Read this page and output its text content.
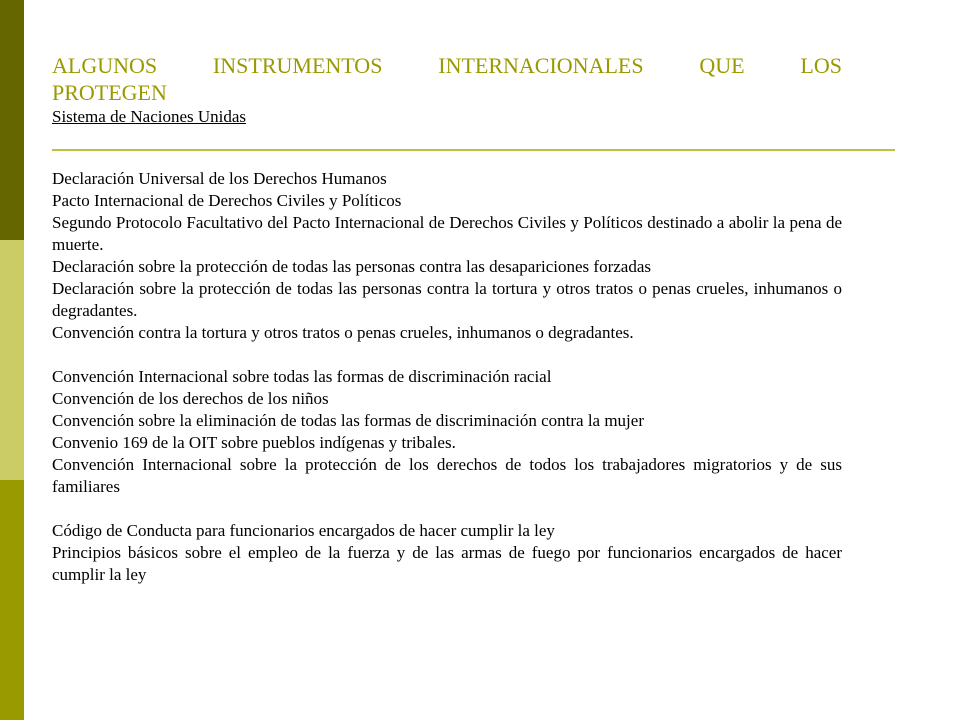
ALGUNOS INSTRUMENTOS INTERNACIONALES QUE LOS

PROTEGEN

Sistema de Naciones Unidas

Declaración Universal de los Derechos Humanos

Pacto Internacional de Derechos Civiles y Políticos

Segundo Protocolo Facultativo del Pacto Internacional de Derechos Civiles y Políticos destinado a abolir la pena de muerte.

Declaración sobre la protección de todas las personas contra las desapariciones forzadas

Declaración sobre la protección de todas las personas contra la tortura y otros tratos o penas crueles, inhumanos o degradantes.

Convención contra la tortura y otros tratos o penas crueles, inhumanos o degradantes.

Convención Internacional sobre todas las formas de discriminación racial

Convención de los derechos de los niños

Convención sobre la eliminación de todas las formas de discriminación contra la mujer

Convenio 169 de la OIT sobre pueblos indígenas y tribales.

Convención Internacional sobre la protección de los derechos de todos los trabajadores migratorios y de sus familiares

Código de Conducta para funcionarios encargados de hacer cumplir la ley

Principios básicos sobre el empleo de la fuerza y de las armas de fuego por funcionarios encargados de hacer cumplir la ley
